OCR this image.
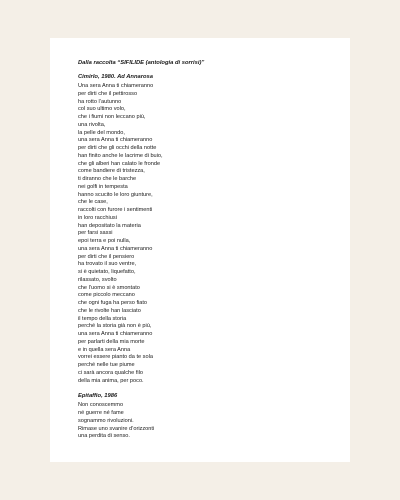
Dalla raccolta “SIFILIDE (antologia di sorrisi)”
Cimirlo, 1980. Ad Annarosa
Una sera Anna ti chiameranno
per dirti che il pettirosso
ha rotto l’autunno
col suo ultimo volo,
che i fiumi non leccano più,
una rivolta,
la pelle del mondo,
una sera Anna ti chiameranno
per dirti che gli occhi della notte
han finito anche le lacrime di buio,
che gli alberi han calato le fronde
come bandiere di tristezza,
ti diranno che le barche
nei golfi in tempesta
hanno scucito le loro giunture,
che le case,
raccolti con furore i sentimenti
in loro racchiusi
han depositato la materia
per farsi sassi
epoi terra e poi nulla,
una sera Anna ti chiameranno
per dirti che il pensiero
ha trovato il suo ventre,
si è quietato, liquefatto,
rilassato, svolto
che l’uomo si è smontato
come piccolo meccano
che ogni fuga ha perso fiato
che le rivolte han lasciato
il tempo della storia
perché la storia già non è più,
una sera Anna ti chiameranno
per parlarti della mia morte
e in quella sera Anna
vorrei essere pianto da te sola
perché nelle tue piume
ci sarà ancora qualche filo
della mia anima, per poco.
Epitaffio, 1986
Non conoscemmo
né guerre né fame
sognammo rivoluzioni.
Rimase uno svanire d’orizzonti
una perdita di senso.
